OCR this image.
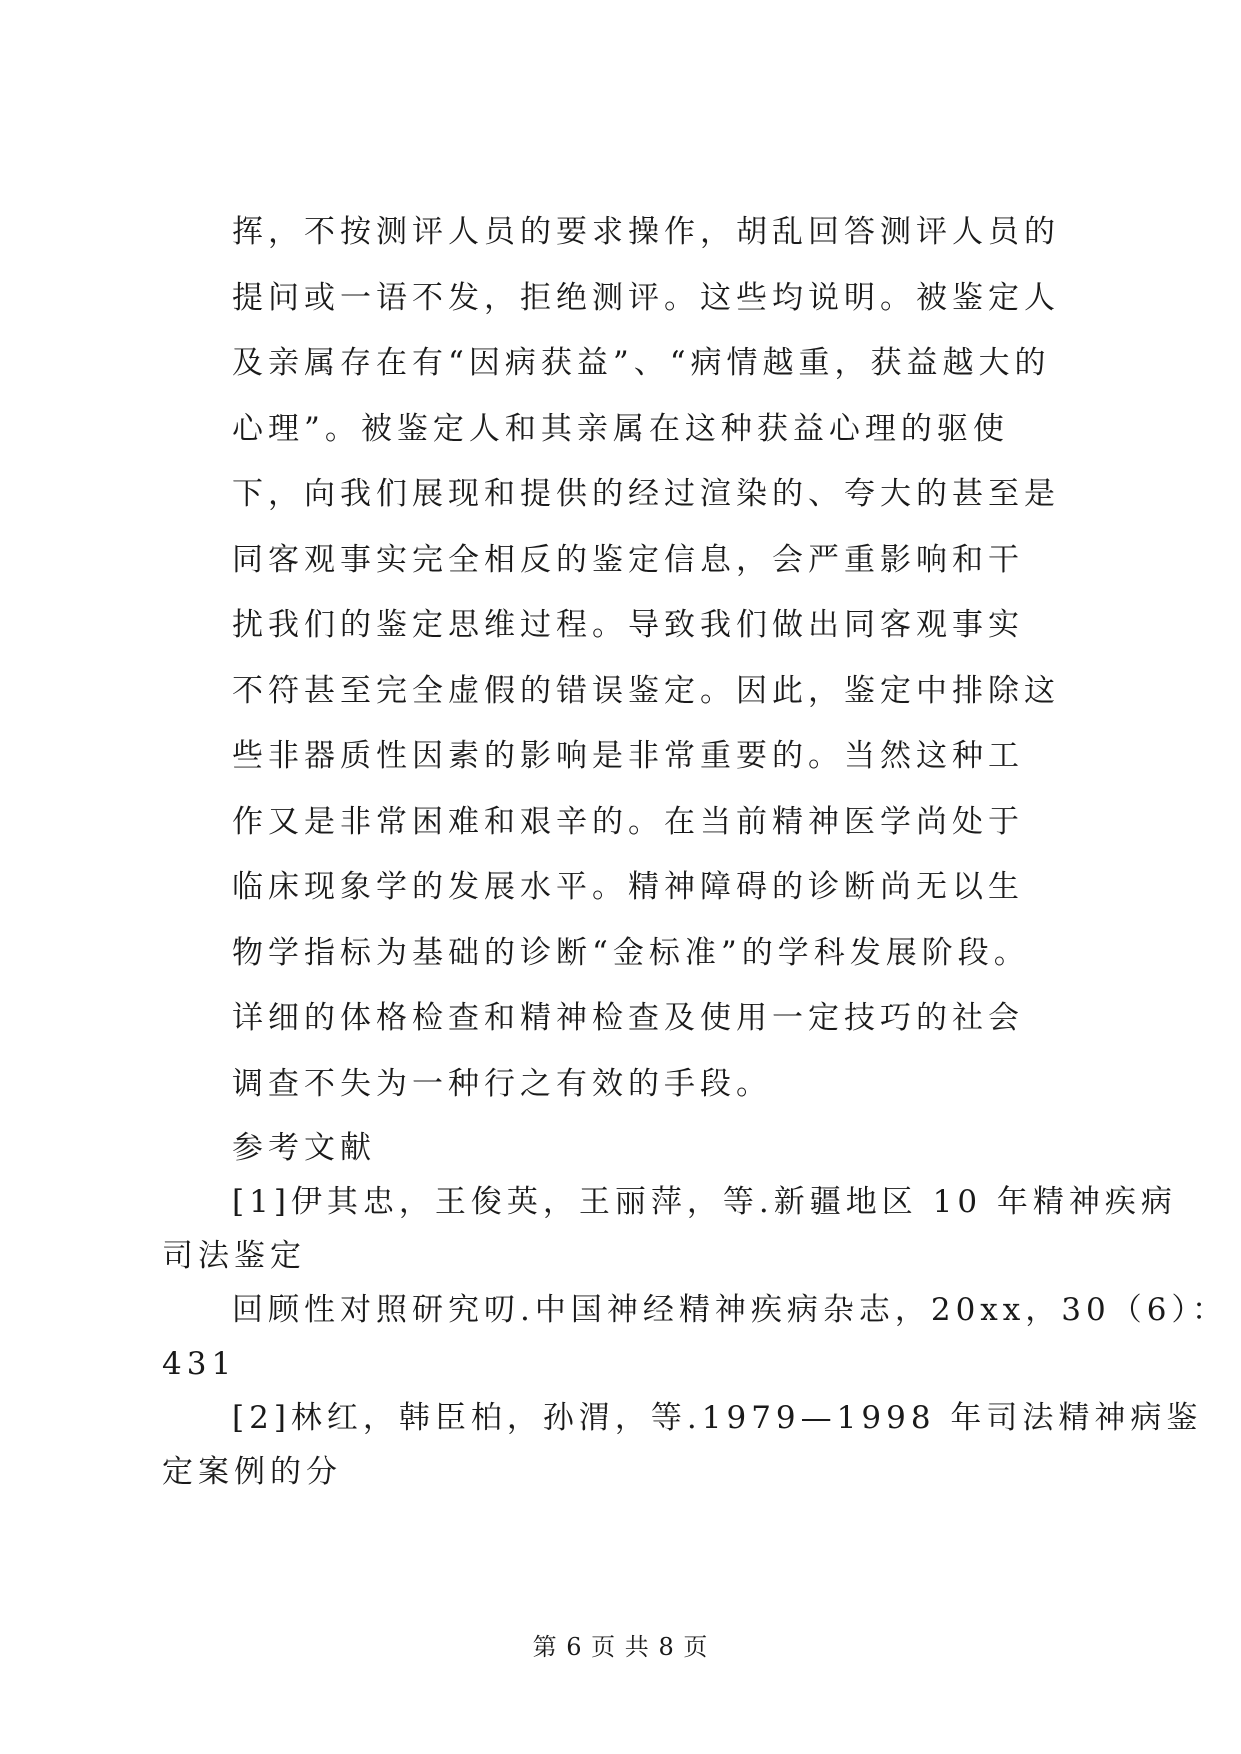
挥，不按测评人员的要求操作，胡乱回答测评人员的
提问或一语不发，拒绝测评。这些均说明。被鉴定人
及亲属存在有“因病获益”、“病情越重，获益越大的
心理”。被鉴定人和其亲属在这种获益心理的驱使
下，向我们展现和提供的经过渲染的、夸大的甚至是
同客观事实完全相反的鉴定信息，会严重影响和干
扰我们的鉴定思维过程。导致我们做出同客观事实
不符甚至完全虚假的错误鉴定。因此，鉴定中排除这
些非器质性因素的影响是非常重要的。当然这种工
作又是非常困难和艰辛的。在当前精神医学尚处于
临床现象学的发展水平。精神障碍的诊断尚无以生
物学指标为基础的诊断“金标准”的学科发展阶段。
详细的体格检查和精神检查及使用一定技巧的社会
调查不失为一种行之有效的手段。
参考文献
[1]伊其忠，王俊英，王丽萍，等.新疆地区 10 年精神疾病
司法鉴定
回顾性对照研究叨.中国神经精神疾病杂志，20xx，30（6）：
431
[2]林红，韩臣柏，孙渭，等.1979—1998 年司法精神病鉴
定案例的分
第 6 页 共 8 页
